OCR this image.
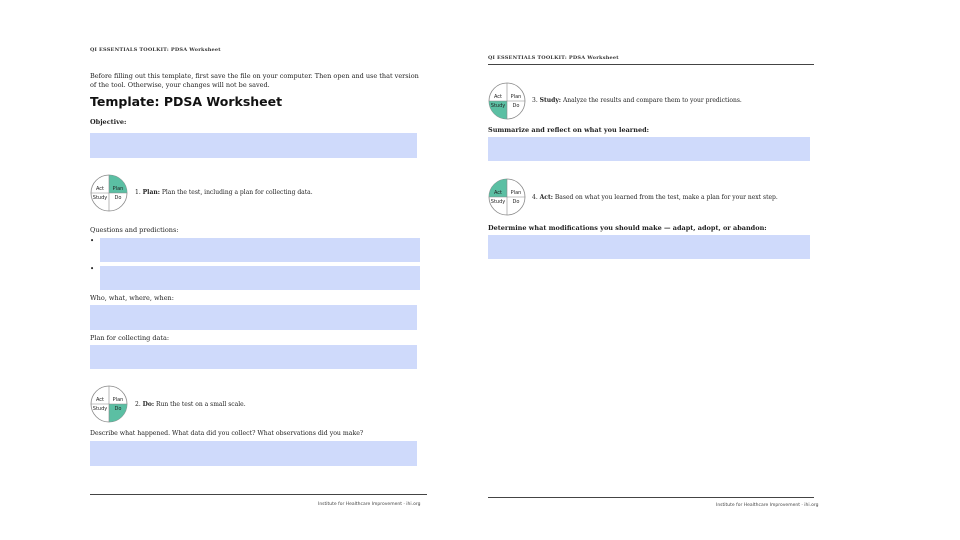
QI ESSENTIALS TOOLKIT: PDSA Worksheet
Before filling out this template, first save the file on your computer. Then open and use that version of the tool. Otherwise, your changes will not be saved.
Template: PDSA Worksheet
Objective:
Act	Plan
Study	Do
1. Plan: Plan the test, including a plan for collecting data.
Questions and predictions:
•
•
Who, what, where, when:
Plan for collecting data:
Act	Plan
Study	Do
2. Do: Run the test on a small scale.
Describe what happened. What data did you collect? What observations did you make?
Institute for Healthcare Improvement · ihi.org
QI ESSENTIALS TOOLKIT: PDSA Worksheet
Act	Plan
Study	Do
3. Study: Analyze the results and compare them to your predictions.
Summarize and reflect on what you learned:
Act	Plan
Study	Do
4. Act: Based on what you learned from the test, make a plan for your next step.
Determine what modifications you should make — adapt, adopt, or abandon:
Institute for Healthcare Improvement · ihi.org
